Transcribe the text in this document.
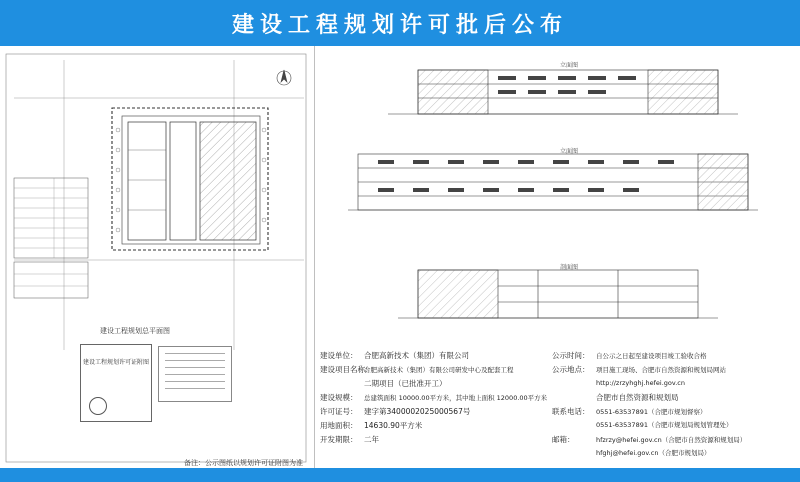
建设工程规划许可批后公布
建设工程规划总平面图
建设工程规划许可证附图
备注：公示图纸以规划许可证附图为准
立面图
立面图
剖面图
建设单位： 合肥高新技术（集团）有限公司
建设项目名称：合肥高新技术（集团）有限公司研发中心及配套工程
二期项目（已批准开工）
建设规模： 总建筑面积 10000.00平方米，其中地上面积 12000.00平方米
许可证号： 建字第3400002025000567号
用地面积： 14630.90平方米
开发期限： 二年
公示时间： 自公示之日起至建设项目竣工验收合格
公示地点： 项目施工现场、合肥市自然资源和规划局网站
http://zrzyhghj.hefei.gov.cn
合肥市自然资源和规划局
联系电话： 0551-63537891（合肥市规划督察）
0551-63537891（合肥市规划局规划管理处）
邮箱：	hfzrzy@hefei.gov.cn（合肥市自然资源和规划局）
hfghj@hefei.gov.cn（合肥市规划局）
